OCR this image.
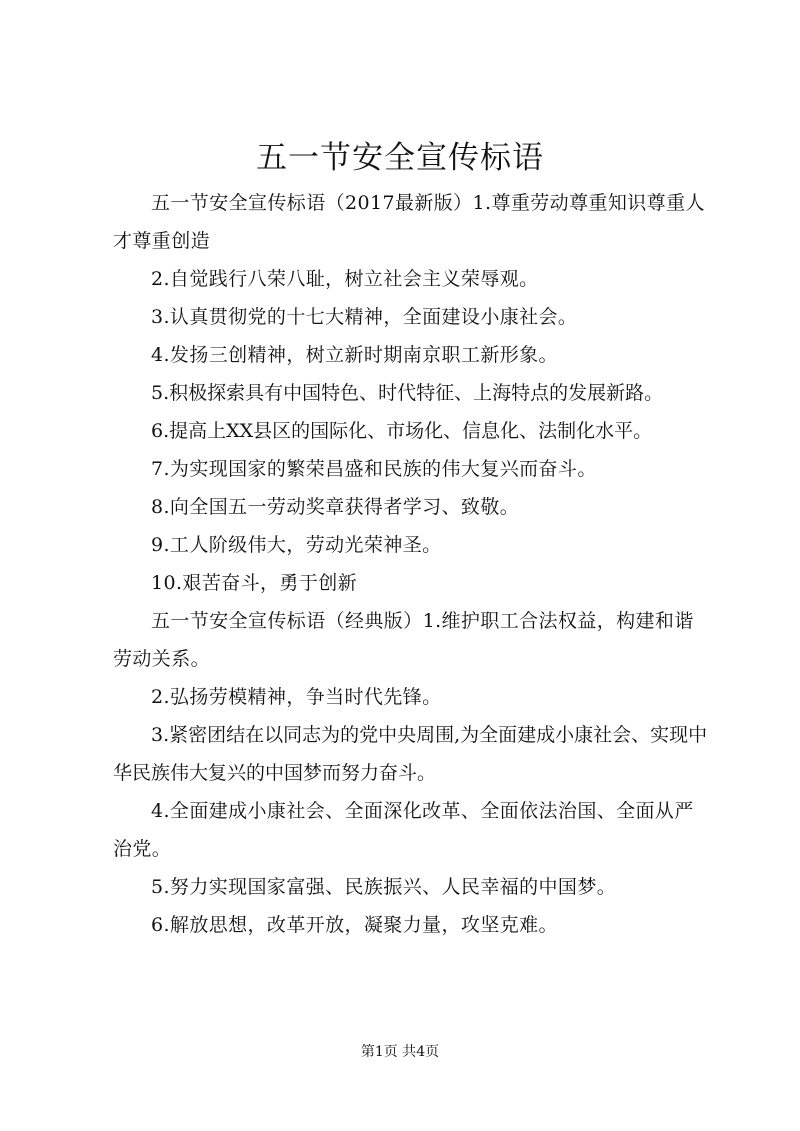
五一节安全宣传标语

五一节安全宣传标语（2017最新版）1.尊重劳动尊重知识尊重人才尊重创造

2.自觉践行八荣八耻，树立社会主义荣辱观。

3.认真贯彻党的十七大精神，全面建设小康社会。

4.发扬三创精神，树立新时期南京职工新形象。

5.积极探索具有中国特色、时代特征、上海特点的发展新路。

6.提高上XX县区的国际化、市场化、信息化、法制化水平。

7.为实现国家的繁荣昌盛和民族的伟大复兴而奋斗。

8.向全国五一劳动奖章获得者学习、致敬。

9.工人阶级伟大，劳动光荣神圣。

10.艰苦奋斗，勇于创新

五一节安全宣传标语（经典版）1.维护职工合法权益，构建和谐劳动关系。

2.弘扬劳模精神，争当时代先锋。

3.紧密团结在以同志为的党中央周围,为全面建成小康社会、实现中华民族伟大复兴的中国梦而努力奋斗。

4.全面建成小康社会、全面深化改革、全面依法治国、全面从严治党。

5.努力实现国家富强、民族振兴、人民幸福的中国梦。

6.解放思想，改革开放，凝聚力量，攻坚克难。

第1页 共4页
